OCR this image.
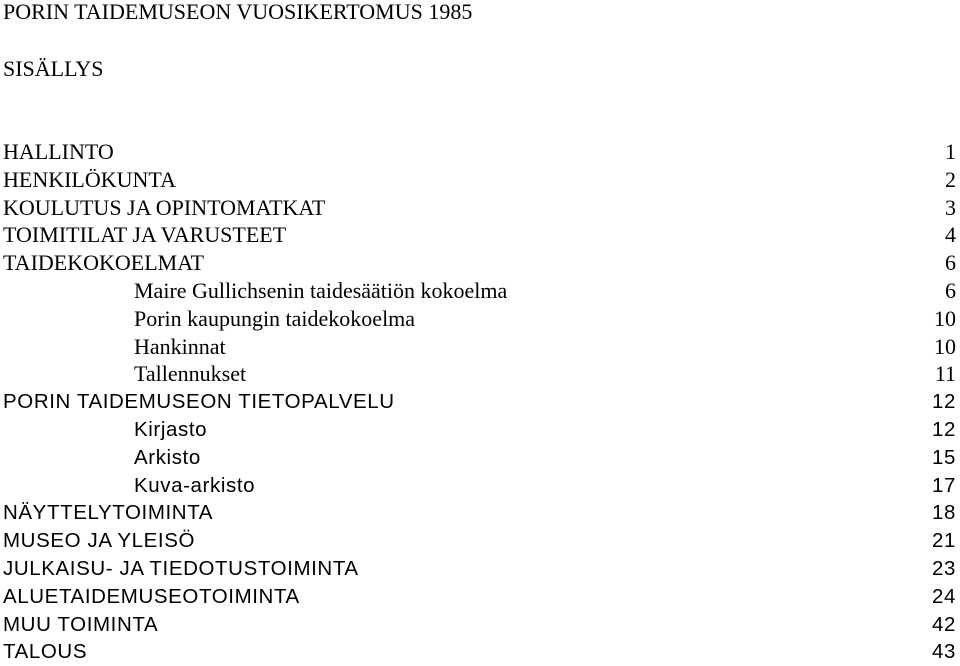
PORIN TAIDEMUSEON VUOSIKERTOMUS 1985
SISÄLLYS
HALLINTO	1
HENKILÖKUNTA	2
KOULUTUS JA OPINTOMATKAT	3
TOIMITILAT JA VARUSTEET	4
TAIDEKOKOELMAT	6
Maire Gullichsenin taidesäätiön kokoelma	6
Porin kaupungin taidekokoelma	10
Hankinnat	10
Tallennukset	11
PORIN TAIDEMUSEON TIETOPALVELU	12
Kirjasto	12
Arkisto	15
Kuva-arkisto	17
NÄYTTELYTOIMINTA	18
MUSEO JA YLEISÖ	21
JULKAISU- JA TIEDOTUSTOIMINTA	23
ALUETAIDEMUSEOTOIMINTA	24
MUU TOIMINTA	42
TALOUS	43
